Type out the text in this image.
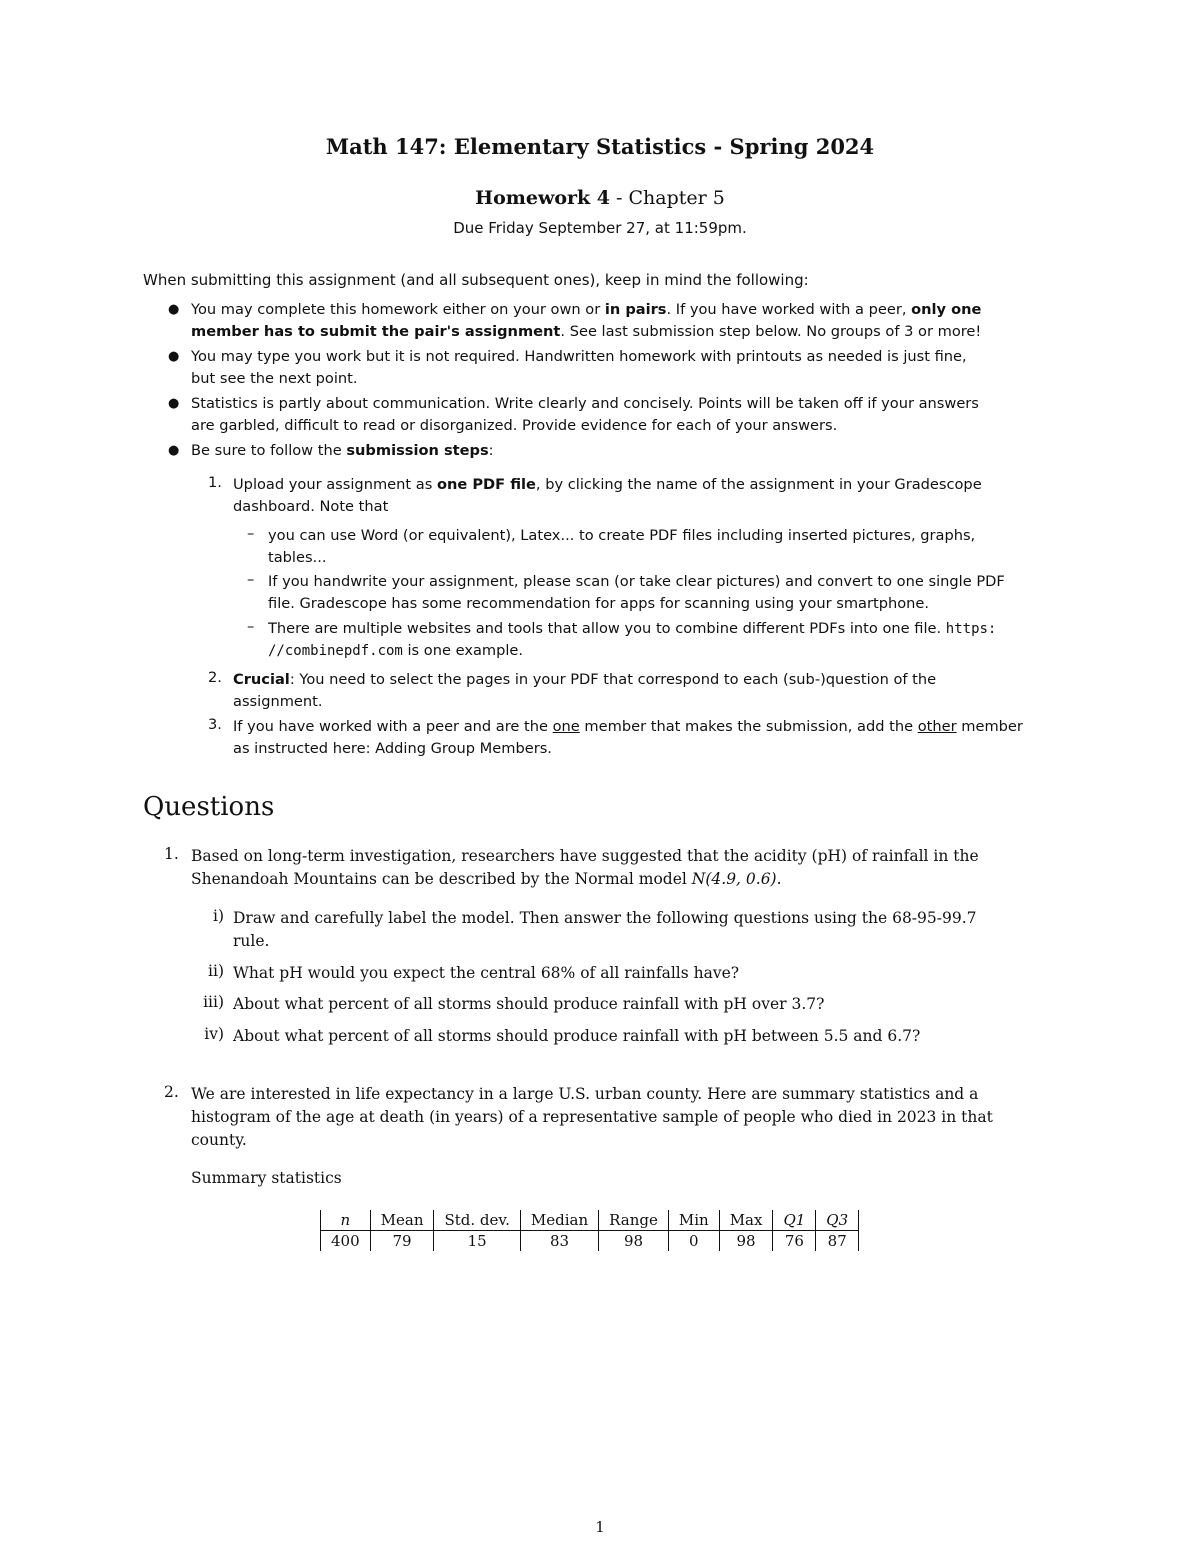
Math 147: Elementary Statistics - Spring 2024
Homework 4 - Chapter 5
Due Friday September 27, at 11:59pm.
When submitting this assignment (and all subsequent ones), keep in mind the following:
● You may complete this homework either on your own or in pairs. If you have worked with a peer, only one
member has to submit the pair's assignment. See last submission step below. No groups of 3 or more!
● You may type you work but it is not required. Handwritten homework with printouts as needed is just fine,
but see the next point.
● Statistics is partly about communication. Write clearly and concisely. Points will be taken off if your answers
are garbled, difficult to read or disorganized. Provide evidence for each of your answers.
● Be sure to follow the submission steps:
1. Upload your assignment as one PDF file, by clicking the name of the assignment in your Gradescope
dashboard. Note that
– you can use Word (or equivalent), Latex... to create PDF files including inserted pictures, graphs,
tables...
– If you handwrite your assignment, please scan (or take clear pictures) and convert to one single PDF
file. Gradescope has some recommendation for apps for scanning using your smartphone.
– There are multiple websites and tools that allow you to combine different PDFs into one file. https:
//combinepdf.com is one example.
2. Crucial: You need to select the pages in your PDF that correspond to each (sub-)question of the
assignment.
3. If you have worked with a peer and are the one member that makes the submission, add the other member
as instructed here: Adding Group Members.
Questions
1. Based on long-term investigation, researchers have suggested that the acidity (pH) of rainfall in the
Shenandoah Mountains can be described by the Normal model N(4.9, 0.6).
i) Draw and carefully label the model. Then answer the following questions using the 68-95-99.7
rule.
ii) What pH would you expect the central 68% of all rainfalls have?
iii) About what percent of all storms should produce rainfall with pH over 3.7?
iv) About what percent of all storms should produce rainfall with pH between 5.5 and 6.7?
2. We are interested in life expectancy in a large U.S. urban county. Here are summary statistics and a
histogram of the age at death (in years) of a representative sample of people who died in 2023 in that
county.
Summary statistics
n	Mean	Std. dev.	Median	Range	Min	Max	Q1	Q3
400	79	15	83	98	0	98	76	87
1
